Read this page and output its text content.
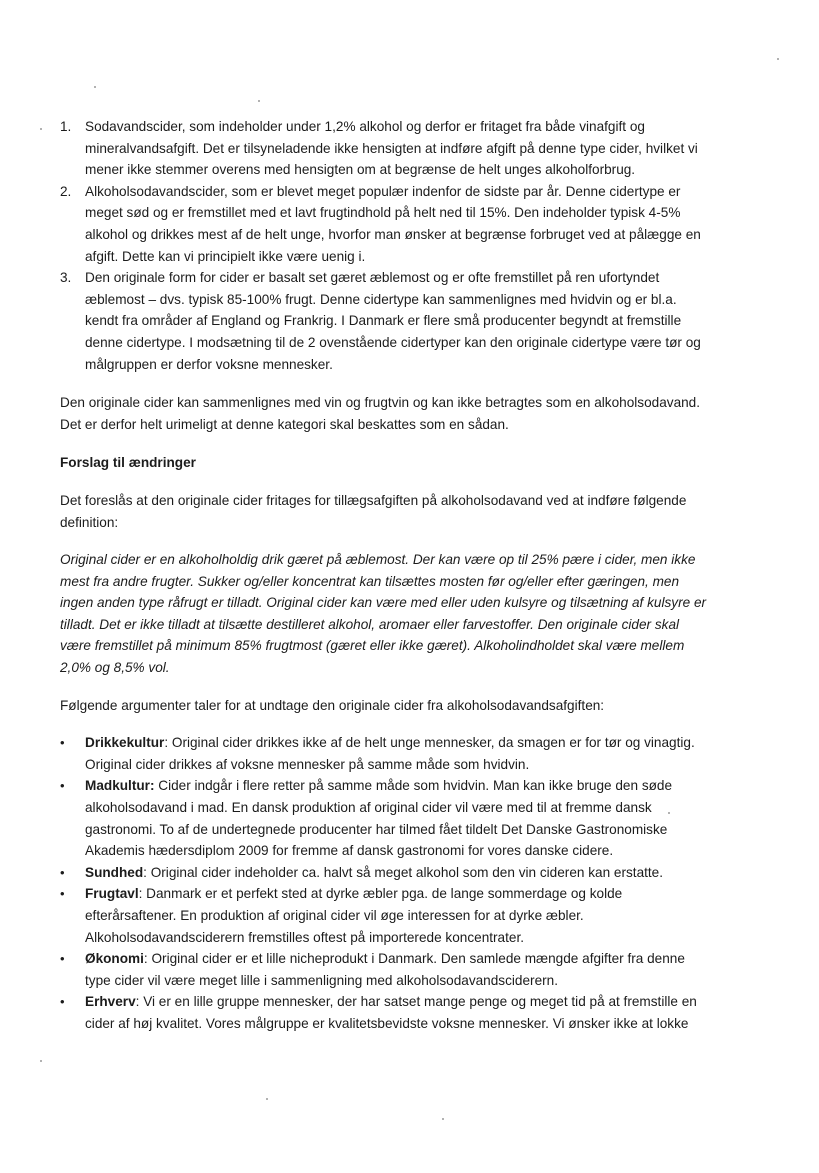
1. Sodavandscider, som indeholder under 1,2% alkohol og derfor er fritaget fra både vinafgift og mineralvandsafgift. Det er tilsyneladende ikke hensigten at indføre afgift på denne type cider, hvilket vi mener ikke stemmer overens med hensigten om at begrænse de helt unges alkoholforbrug.
2. Alkoholsodavandscider, som er blevet meget populær indenfor de sidste par år. Denne cidertype er meget sød og er fremstillet med et lavt frugtindhold på helt ned til 15%. Den indeholder typisk 4-5% alkohol og drikkes mest af de helt unge, hvorfor man ønsker at begrænse forbruget ved at pålægge en afgift. Dette kan vi principielt ikke være uenig i.
3. Den originale form for cider er basalt set gæret æblemost og er ofte fremstillet på ren ufortyndet æblemost – dvs. typisk 85-100% frugt. Denne cidertype kan sammenlignes med hvidvin og er bl.a. kendt fra områder af England og Frankrig. I Danmark er flere små producenter begyndt at fremstille denne cidertype. I modsætning til de 2 ovenstående cidertyper kan den originale cidertype være tør og målgruppen er derfor voksne mennesker.

Den originale cider kan sammenlignes med vin og frugtvin og kan ikke betragtes som en alkoholsodavand. Det er derfor helt urimeligt at denne kategori skal beskattes som en sådan.

Forslag til ændringer

Det foreslås at den originale cider fritages for tillægsafgiften på alkoholsodavand ved at indføre følgende definition:

Original cider er en alkoholholdig drik gæret på æblemost. Der kan være op til 25% pære i cider, men ikke mest fra andre frugter. Sukker og/eller koncentrat kan tilsættes mosten før og/eller efter gæringen, men ingen anden type råfrugt er tilladt. Original cider kan være med eller uden kulsyre og tilsætning af kulsyre er tilladt. Det er ikke tilladt at tilsætte destilleret alkohol, aromaer eller farvestoffer. Den originale cider skal være fremstillet på minimum 85% frugtmost (gæret eller ikke gæret). Alkoholindholdet skal være mellem 2,0% og 8,5% vol.

Følgende argumenter taler for at undtage den originale cider fra alkoholsodavandsafgiften:

• Drikkekultur: Original cider drikkes ikke af de helt unge mennesker, da smagen er for tør og vinagtig. Original cider drikkes af voksne mennesker på samme måde som hvidvin.
• Madkultur: Cider indgår i flere retter på samme måde som hvidvin. Man kan ikke bruge den søde alkoholsodavand i mad. En dansk produktion af original cider vil være med til at fremme dansk gastronomi. To af de undertegnede producenter har tilmed fået tildelt Det Danske Gastronomiske Akademis hædersdiplom 2009 for fremme af dansk gastronomi for vores danske cidere.
• Sundhed: Original cider indeholder ca. halvt så meget alkohol som den vin cideren kan erstatte.
• Frugtavl: Danmark er et perfekt sted at dyrke æbler pga. de lange sommerdage og kolde efterårsaftener. En produktion af original cider vil øge interessen for at dyrke æbler. Alkoholsodavandsciderern fremstilles oftest på importerede koncentrater.
• Økonomi: Original cider er et lille nicheprodukt i Danmark. Den samlede mængde afgifter fra denne type cider vil være meget lille i sammenligning med alkoholsodavandsciderern.
• Erhverv: Vi er en lille gruppe mennesker, der har satset mange penge og meget tid på at fremstille en cider af høj kvalitet. Vores målgruppe er kvalitetsbevidste voksne mennesker. Vi ønsker ikke at lokke
